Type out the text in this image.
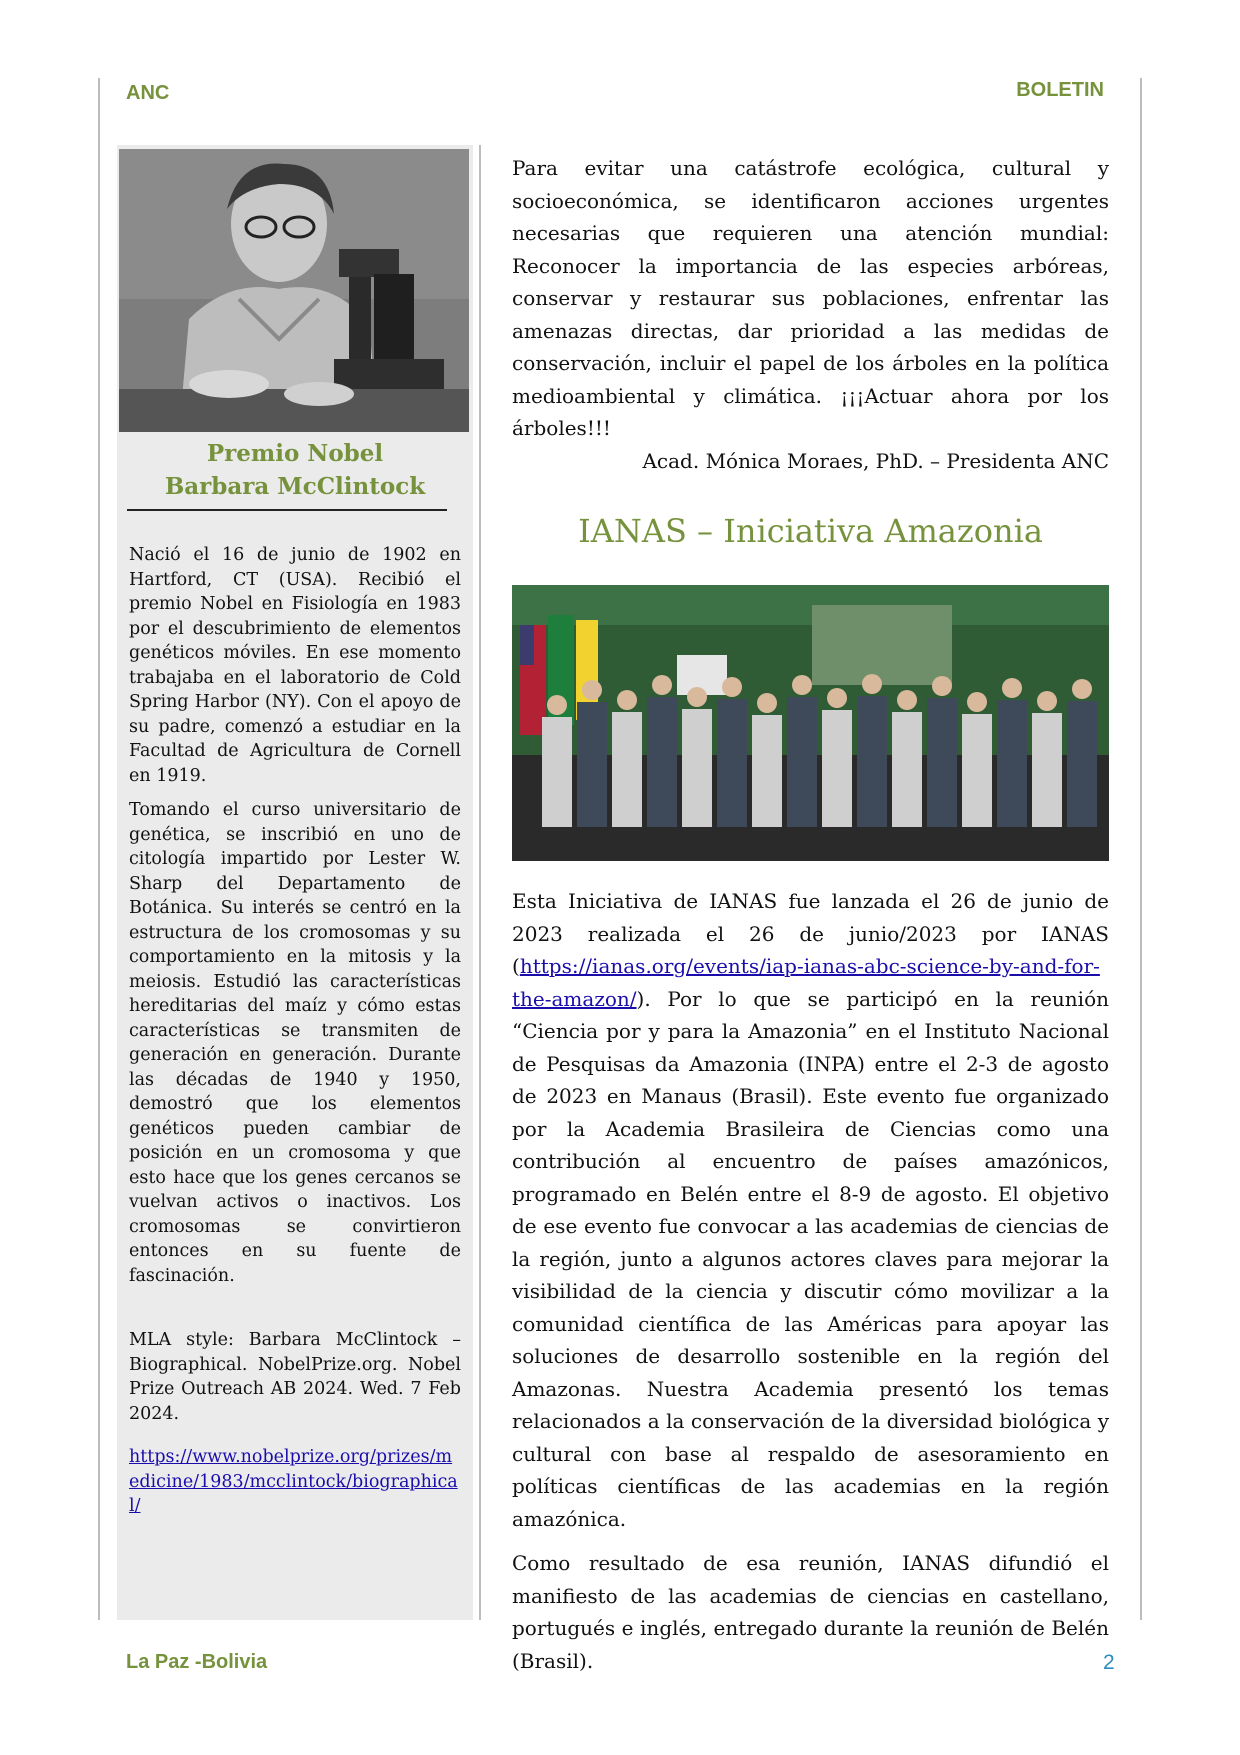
ANC	BOLETIN
Premio Nobel
Barbara McClintock

Nació el 16 de junio de 1902 en Hartford, CT (USA). Recibió el premio Nobel en Fisiología en 1983 por el descubrimiento de elementos genéticos móviles. En ese momento trabajaba en el laboratorio de Cold Spring Harbor (NY). Con el apoyo de su padre, comenzó a estudiar en la Facultad de Agricultura de Cornell en 1919.

Tomando el curso universitario de genética, se inscribió en uno de citología impartido por Lester W. Sharp del Departamento de Botánica. Su interés se centró en la estructura de los cromosomas y su comportamiento en la mitosis y la meiosis. Estudió las características hereditarias del maíz y cómo estas características se transmiten de generación en generación. Durante las décadas de 1940 y 1950, demostró que los elementos genéticos pueden cambiar de posición en un cromosoma y que esto hace que los genes cercanos se vuelvan activos o inactivos. Los cromosomas se convirtieron entonces en su fuente de fascinación.

MLA style: Barbara McClintock – Biographical. NobelPrize.org. Nobel Prize Outreach AB 2024. Wed. 7 Feb 2024.

https://www.nobelprize.org/prizes/medicine/1983/mcclintock/biographical/

Para evitar una catástrofe ecológica, cultural y socioeconómica, se identificaron acciones urgentes necesarias que requieren una atención mundial: Reconocer la importancia de las especies arbóreas, conservar y restaurar sus poblaciones, enfrentar las amenazas directas, dar prioridad a las medidas de conservación, incluir el papel de los árboles en la política medioambiental y climática. ¡¡¡Actuar ahora por los árboles!!!

Acad. Mónica Moraes, PhD. – Presidenta ANC
IANAS – Iniciativa Amazonia

Esta Iniciativa de IANAS fue lanzada el 26 de junio de 2023 realizada el 26 de junio/2023 por IANAS (https://ianas.org/events/iap-ianas-abc-science-by-and-for-the-amazon/). Por lo que se participó en la reunión “Ciencia por y para la Amazonia” en el Instituto Nacional de Pesquisas da Amazonia (INPA) entre el 2-3 de agosto de 2023 en Manaus (Brasil). Este evento fue organizado por la Academia Brasileira de Ciencias como una contribución al encuentro de países amazónicos, programado en Belén entre el 8-9 de agosto. El objetivo de ese evento fue convocar a las academias de ciencias de la región, junto a algunos actores claves para mejorar la visibilidad de la ciencia y discutir cómo movilizar a la comunidad científica de las Américas para apoyar las soluciones de desarrollo sostenible en la región del Amazonas. Nuestra Academia presentó los temas relacionados a la conservación de la diversidad biológica y cultural con base al respaldo de asesoramiento en políticas científicas de las academias en la región amazónica.

Como resultado de esa reunión, IANAS difundió el manifiesto de las academias de ciencias en castellano, portugués e inglés, entregado durante la reunión de Belén (Brasil).

La Paz -Bolivia	2
